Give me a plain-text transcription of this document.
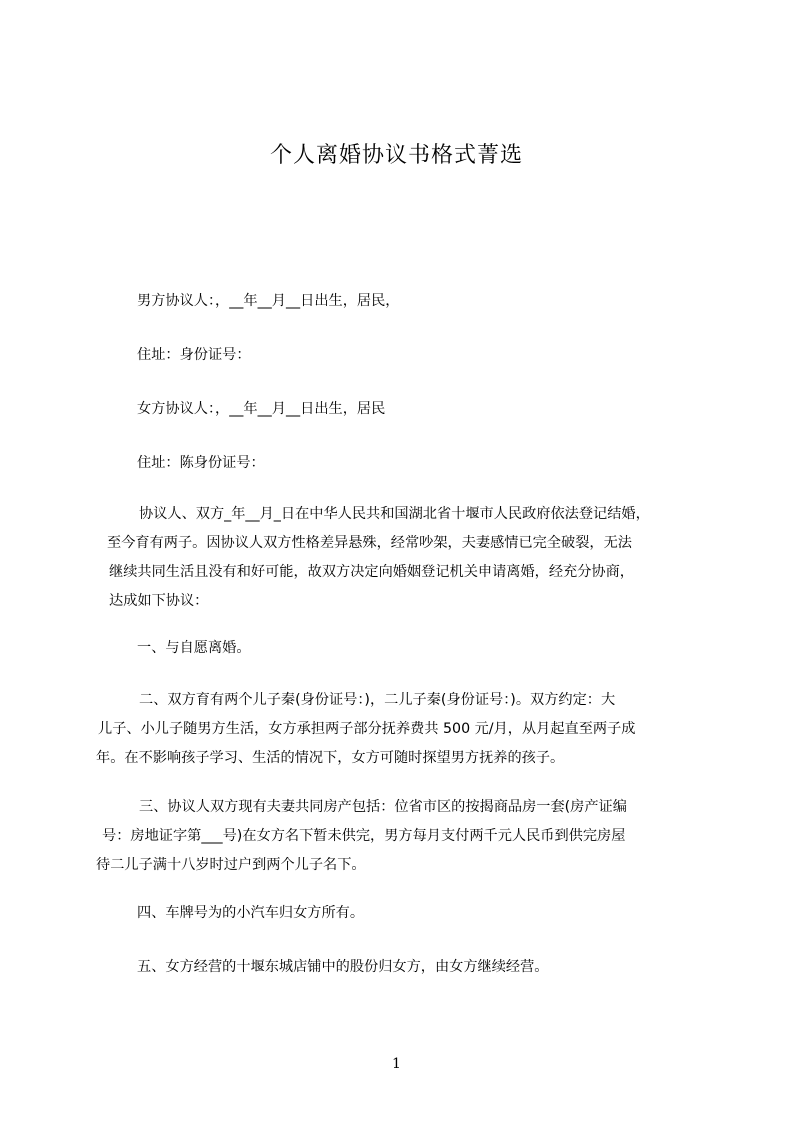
个人离婚协议书格式菁选
男方协议人：，__年__月__日出生，居民，
住址：身份证号：
女方协议人：，__年__月__日出生，居民
住址：陈身份证号：
协议人、双方_年__月_日在中华人民共和国湖北省十堰市人民政府依法登记结婚，
至今育有两子。因协议人双方性格差异悬殊，经常吵架，夫妻感情已完全破裂，无法
继续共同生活且没有和好可能，故双方决定向婚姻登记机关申请离婚，经充分协商，
达成如下协议：
一、与自愿离婚。
二、双方育有两个儿子秦(身份证号：)，二儿子秦(身份证号：)。双方约定：大
儿子、小儿子随男方生活，女方承担两子部分抚养费共 500 元/月，从月起直至两子成
年。在不影响孩子学习、生活的情况下，女方可随时探望男方抚养的孩子。
三、协议人双方现有夫妻共同房产包括：位省市区的按揭商品房一套(房产证编
号：房地证字第___号)在女方名下暂未供完，男方每月支付两千元人民币到供完房屋
待二儿子满十八岁时过户到两个儿子名下。
四、车牌号为的小汽车归女方所有。
五、女方经营的十堰东城店铺中的股份归女方，由女方继续经营。
1
